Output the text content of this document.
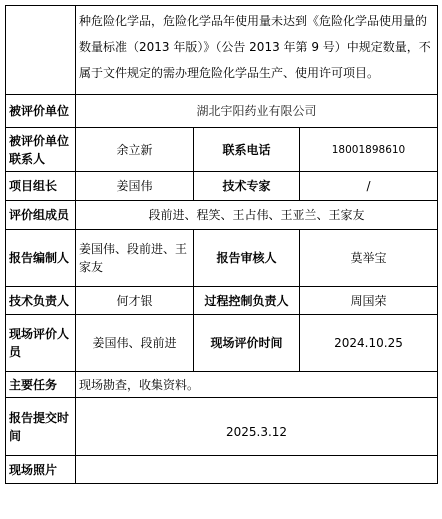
	种危险化学品，危险化学品年使用量未达到《危险化学品使用量的数量标准（2013 年版）》（公告 2013 年第 9 号）中规定数量，不属于文件规定的需办理危险化学品生产、使用许可项目。		
被评价单位	湖北宇阳药业有限公司		
被评价单位联系人	余立新	联系电话	18001898610
项目组长	姜国伟	技术专家	/
评价组成员	段前进、程笑、王占伟、王亚兰、王家友		
报告编制人	姜国伟、段前进、王家友	报告审核人	莫举宝
技术负责人	何才银	过程控制负责人	周国荣
现场评价人员	姜国伟、段前进	现场评价时间	2024.10.25
主要任务	现场勘查，收集资料。		
报告提交时间	2025.3.12		
现场照片			
